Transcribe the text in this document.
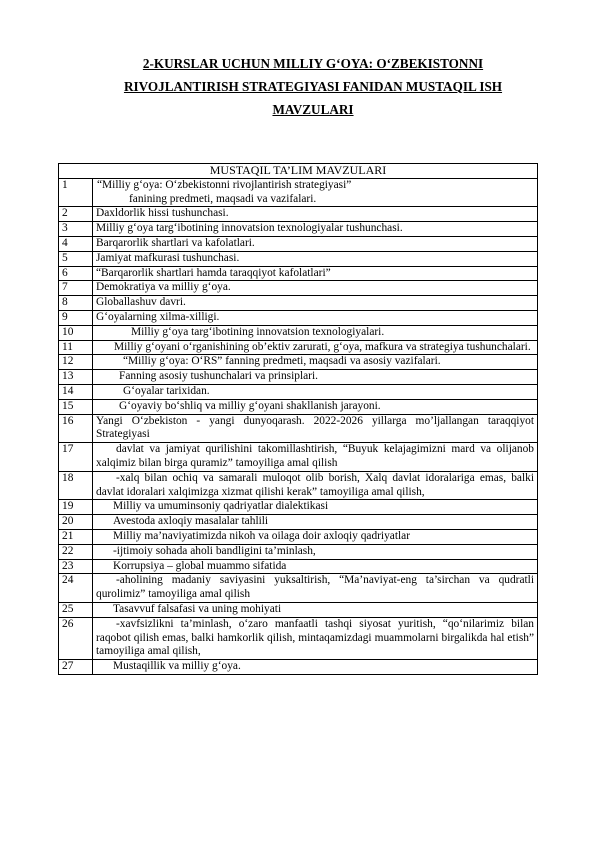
2-KURSLAR UCHUN MILLIY G‘OYA: O‘ZBEKISTONNI
RIVOJLANTIRISH STRATEGIYASI FANIDAN MUSTAQIL ISH
MAVZULARI
MUSTAQIL TA’LIM MAVZULARI	
1	“Milliy g‘oya: O‘zbekistonni rivojlantirish strategiyasi”
fanining predmeti, maqsadi va vazifalari.

2	Daxldorlik hissi tushunchasi.
3	Milliy g‘oya targ‘ibotining innovatsion texnologiyalar tushunchasi.
4	Barqarorlik shartlari va kafolatlari.
5	Jamiyat mafkurasi tushunchasi.
6	“Barqarorlik shartlari hamda taraqqiyot kafolatlari”
7	Demokratiya va milliy g‘oya.
8	Globallashuv davri.
9	G‘oyalarning xilma-xilligi.
10	Milliy g‘oya targ‘ibotining innovatsion texnologiyalari.
11	Milliy g‘oyani o‘rganishining ob’ektiv zarurati, g‘oya, mafkura va strategiya tushunchalari.
12	“Milliy g‘oya: O‘RS” fanning predmeti, maqsadi va asosiy vazifalari.
13	Fanning asosiy tushunchalari va prinsiplari.
14	G‘oyalar tarixidan.
15	G‘oyaviy bo‘shliq va milliy g‘oyani shakllanish jarayoni.
16	Yangi O‘zbekiston - yangi dunyoqarash. 2022-2026 yillarga mo’ljallangan taraqqiyot Strategiyasi
17	davlat va jamiyat qurilishini takomillashtirish, “Buyuk kelajagimizni mard va olijanob xalqimiz bilan birga quramiz” tamoyiliga amal qilish
18	-xalq bilan ochiq va samarali muloqot olib borish, Xalq davlat idoralariga emas, balki davlat idoralari xalqimizga xizmat qilishi kerak” tamoyiliga amal qilish,
19	Milliy va umuminsoniy qadriyatlar dialektikasi
20	Avestoda axloqiy masalalar tahlili
21	Milliy ma’naviyatimizda nikoh va oilaga doir axloqiy qadriyatlar
22	-ijtimoiy sohada aholi bandligini ta’minlash,
23	Korrupsiya – global muammo sifatida
24	-aholining madaniy saviyasini yuksaltirish, “Ma’naviyat-eng ta’sirchan va qudratli qurolimiz” tamoyiliga amal qilish
25	Tasavvuf falsafasi va uning mohiyati
26	-xavfsizlikni ta’minlash, o‘zaro manfaatli tashqi siyosat yuritish, “qo‘nilarimiz bilan raqobot qilish emas, balki hamkorlik qilish, mintaqamizdagi muammolarni birgalikda hal etish” tamoyiliga amal qilish,
27	Mustaqillik va milliy g‘oya.
